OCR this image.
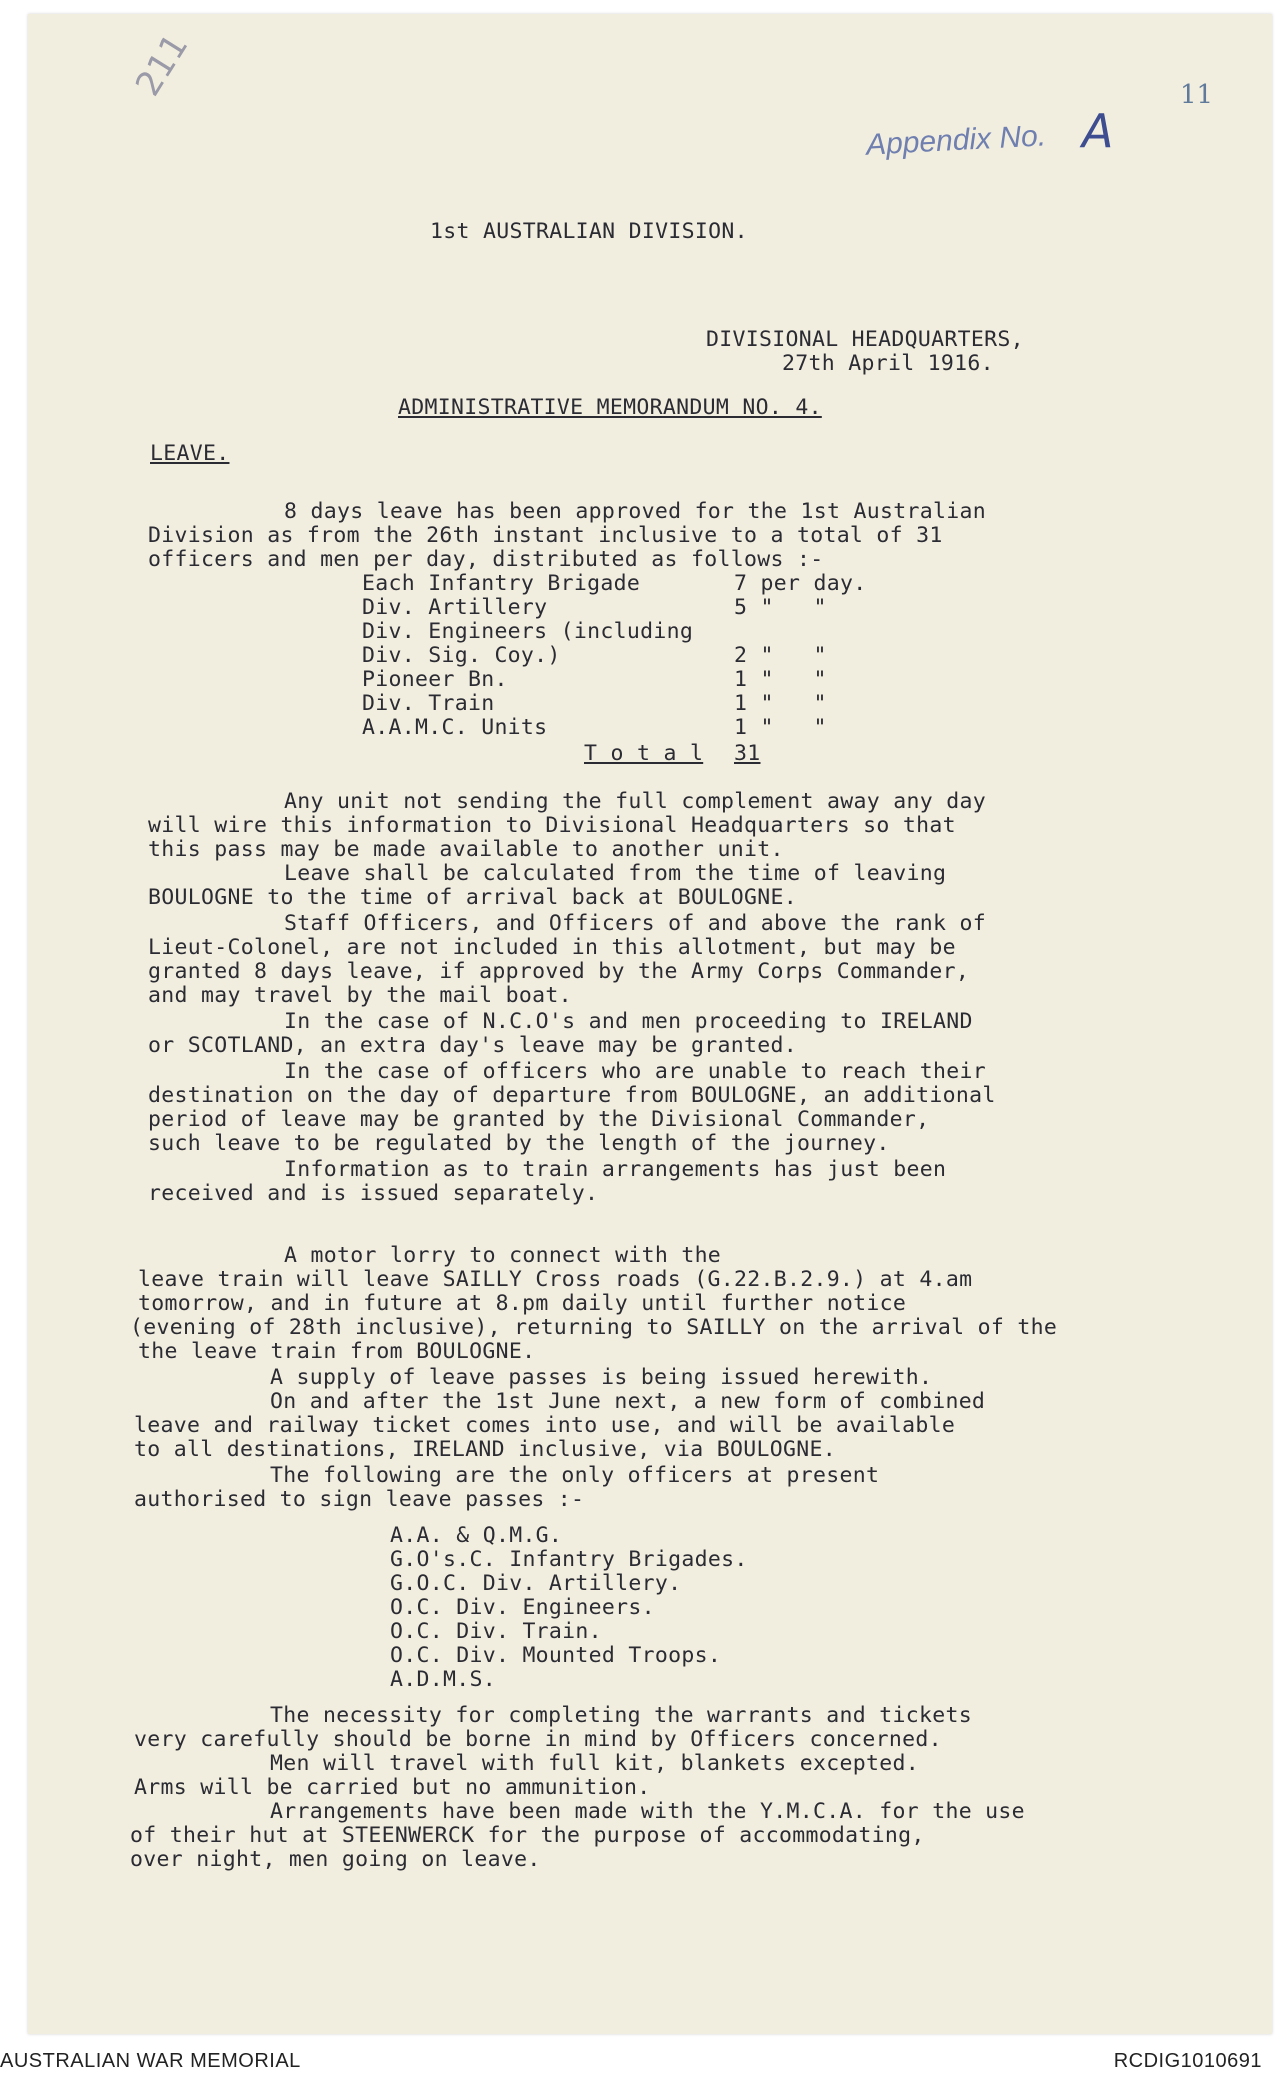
211	11
Appendix No. A
1st AUSTRALIAN DIVISION.
DIVISIONAL HEADQUARTERS,
27th April 1916.
ADMINISTRATIVE MEMORANDUM NO. 4.
LEAVE.
8 days leave has been approved for the 1st Australian
Division as from the 26th instant inclusive to a total of 31
officers and men per day, distributed as follows :-
Each Infantry Brigade	7 per day.
Div. Artillery	5 "   "
Div. Engineers (including
Div. Sig. Coy.)	2 "   "
Pioneer Bn.	1 "   "
Div. Train	1 "   "
A.A.M.C. Units	1 "   "
T o t a l 31
Any unit not sending the full complement away any day
will wire this information to Divisional Headquarters so that
this pass may be made available to another unit.
Leave shall be calculated from the time of leaving
BOULOGNE to the time of arrival back at BOULOGNE.
Staff Officers, and Officers of and above the rank of
Lieut-Colonel, are not included in this allotment, but may be
granted 8 days leave, if approved by the Army Corps Commander,
and may travel by the mail boat.
In the case of N.C.O's and men proceeding to IRELAND
or SCOTLAND, an extra day's leave may be granted.
In the case of officers who are unable to reach their
destination on the day of departure from BOULOGNE, an additional
period of leave may be granted by the Divisional Commander,
such leave to be regulated by the length of the journey.
Information as to train arrangements has just been
received and is issued separately.
A motor lorry to connect with the
leave train will leave SAILLY Cross roads (G.22.B.2.9.) at 4.am
tomorrow, and in future at 8.pm daily until further notice
(evening of 28th inclusive), returning to SAILLY on the arrival of the
the leave train from BOULOGNE.
A supply of leave passes is being issued herewith.
On and after the 1st June next, a new form of combined
leave and railway ticket comes into use, and will be available
to all destinations, IRELAND inclusive, via BOULOGNE.
The following are the only officers at present
authorised to sign leave passes :-
A.A. & Q.M.G.
G.O's.C. Infantry Brigades.
G.O.C. Div. Artillery.
O.C. Div. Engineers.
O.C. Div. Train.
O.C. Div. Mounted Troops.
A.D.M.S.
The necessity for completing the warrants and tickets
very carefully should be borne in mind by Officers concerned.
Men will travel with full kit, blankets excepted.
Arms will be carried but no ammunition.
Arrangements have been made with the Y.M.C.A. for the use
of their hut at STEENWERCK for the purpose of accommodating,
over night, men going on leave.
AUSTRALIAN WAR MEMORIAL	RCDIG1010691
